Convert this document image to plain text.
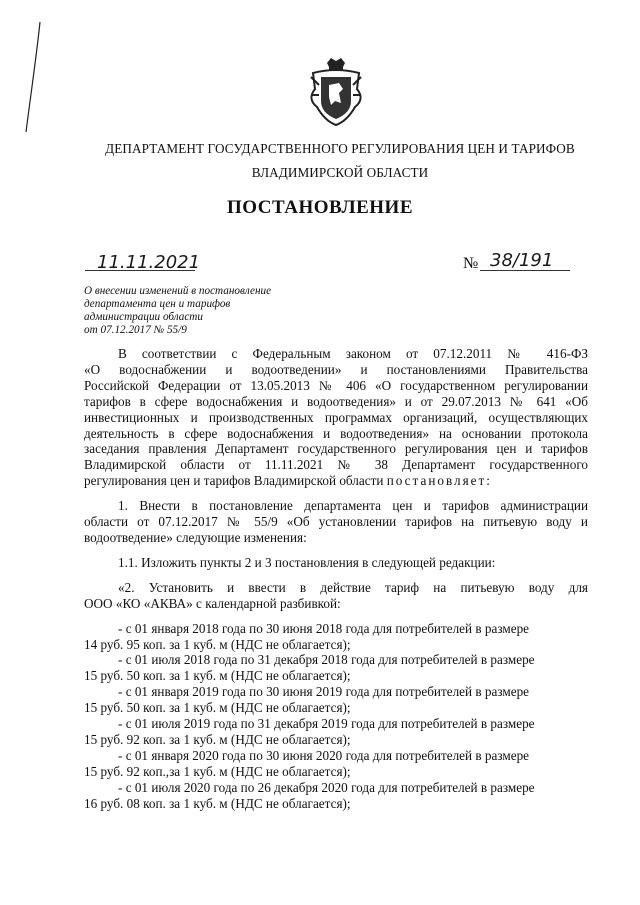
ДЕПАРТАМЕНТ ГОСУДАРСТВЕННОГО РЕГУЛИРОВАНИЯ ЦЕН И ТАРИФОВ
ВЛАДИМИРСКОЙ ОБЛАСТИ
ПОСТАНОВЛЕНИЕ
11.11.2021	№ 38/191
О внесении изменений в постановление
департамента цен и тарифов
администрации области
от 07.12.2017 № 55/9
В соответствии с Федеральным законом от 07.12.2011 № 416-ФЗ
«О водоснабжении и водоотведении» и постановлениями Правительства
Российской Федерации от 13.05.2013 № 406 «О государственном регулировании
тарифов в сфере водоснабжения и водоотведения» и от 29.07.2013 № 641 «Об
инвестиционных и производственных программах организаций, осуществляющих
деятельность в сфере водоснабжения и водоотведения» на основании протокола
заседания правления Департамент государственного регулирования цен и тарифов
Владимирской области от 11.11.2021 № 38 Департамент государственного
регулирования цен и тарифов Владимирской области постановляет:
1. Внести в постановление департамента цен и тарифов администрации
области от 07.12.2017 № 55/9 «Об установлении тарифов на питьевую воду и
водоотведение» следующие изменения:
1.1. Изложить пункты 2 и 3 постановления в следующей редакции:
«2. Установить и ввести в действие тариф на питьевую воду для
ООО «КО «АКВА» с календарной разбивкой:
- с 01 января 2018 года по 30 июня 2018 года для потребителей в размере
14 руб. 95 коп. за 1 куб. м (НДС не облагается);
- с 01 июля 2018 года по 31 декабря 2018 года для потребителей в размере
15 руб. 50 коп. за 1 куб. м (НДС не облагается);
- с 01 января 2019 года по 30 июня 2019 года для потребителей в размере
15 руб. 50 коп. за 1 куб. м (НДС не облагается);
- с 01 июля 2019 года по 31 декабря 2019 года для потребителей в размере
15 руб. 92 коп. за 1 куб. м (НДС не облагается);
- с 01 января 2020 года по 30 июня 2020 года для потребителей в размере
15 руб. 92 коп.,за 1 куб. м (НДС не облагается);
- с 01 июля 2020 года по 26 декабря 2020 года для потребителей в размере
16 руб. 08 коп. за 1 куб. м (НДС не облагается);
